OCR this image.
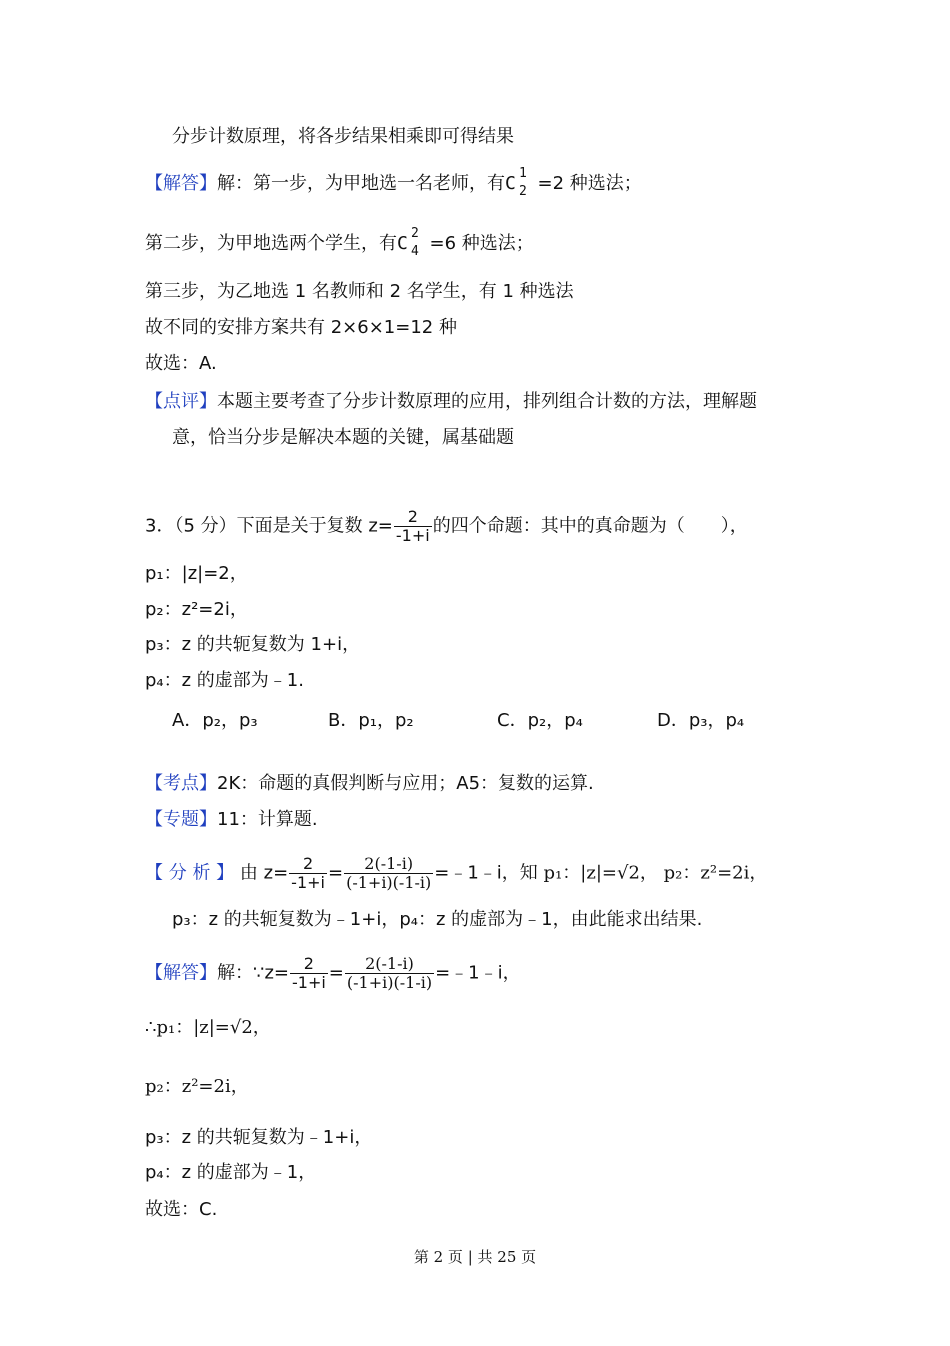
分步计数原理，将各步结果相乘即可得结果
【解答】解：第一步，为甲地选一名老师，有C 1
2 =2 种选法；
第二步，为甲地选两个学生，有C 2
4 =6 种选法；
第三步，为乙地选 1 名教师和 2 名学生，有 1 种选法
故不同的安排方案共有 2×6×1=12 种
故选：A.
【点评】本题主要考查了分步计数原理的应用，排列组合计数的方法，理解题
意，恰当分步是解决本题的关键，属基础题
3．（5 分）下面是关于复数 $z= \frac{2}{-1+i}$ 的四个命题：其中的真命题为（　　），
p₁：|z|=2，
p₂：z²=2i，
p₃：z 的共轭复数为 1+i，
p₄：z 的虚部为﹣1.
A．p₂，p₃	B．p₁，p₂	C．p₂，p₄	D．p₃，p₄
【考点】2K：命题的真假判断与应用；A5：复数的运算.
【专题】11：计算题.
【 分 析 】 由 $z= \frac{2}{-1+i} = \frac{2(-1-i)}{(-1+i)(-1-i)}$ =﹣1﹣i，知 p₁：|z|=√2， p₂：z²=2i，
p₃：z 的共轭复数为﹣1+i，p₄：z 的虚部为﹣1，由此能求出结果.
【解答】解：∵z= $\frac{2}{-1+i} = \frac{2(-1-i)}{(-1+i)(-1-i)}$ =﹣1﹣i，
∴p₁：|z|=√2，
p₂：z²=2i，
p₃：z 的共轭复数为﹣1+i，
p₄：z 的虚部为﹣1，
故选：C.
第 2 页 | 共 25 页
